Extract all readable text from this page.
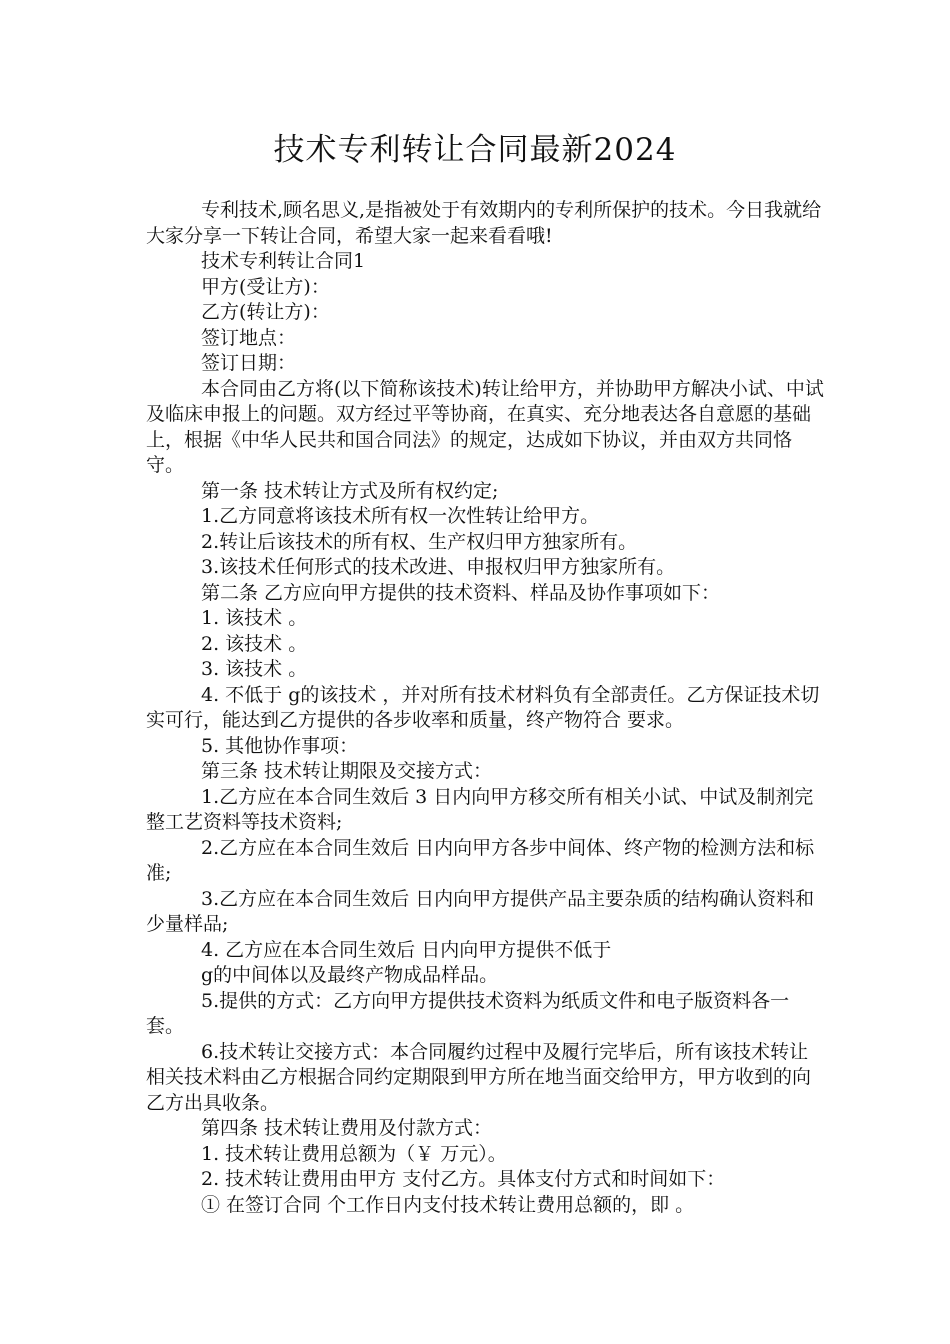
技术专利转让合同最新2024

专利技术,顾名思义,是指被处于有效期内的专利所保护的技术。今日我就给大家分享一下转让合同，希望大家一起来看看哦!

技术专利转让合同1

甲方(受让方)：

乙方(转让方)：

签订地点：

签订日期：

本合同由乙方将(以下简称该技术)转让给甲方，并协助甲方解决小试、中试及临床申报上的问题。双方经过平等协商，在真实、充分地表达各自意愿的基础上，根据《中华人民共和国合同法》的规定，达成如下协议，并由双方共同恪守。

第一条 技术转让方式及所有权约定;

1.乙方同意将该技术所有权一次性转让给甲方。

2.转让后该技术的所有权、生产权归甲方独家所有。

3.该技术任何形式的技术改进、申报权归甲方独家所有。

第二条 乙方应向甲方提供的技术资料、样品及协作事项如下：

1. 该技术 。

2. 该技术 。

3. 该技术 。

4. 不低于 g的该技术 ，并对所有技术材料负有全部责任。乙方保证技术切实可行，能达到乙方提供的各步收率和质量，终产物符合 要求。

5. 其他协作事项：

第三条 技术转让期限及交接方式：

1.乙方应在本合同生效后 3 日内向甲方移交所有相关小试、中试及制剂完整工艺资料等技术资料;

2.乙方应在本合同生效后 日内向甲方各步中间体、终产物的检测方法和标准;

3.乙方应在本合同生效后 日内向甲方提供产品主要杂质的结构确认资料和少量样品;

4. 乙方应在本合同生效后 日内向甲方提供不低于

g的中间体以及最终产物成品样品。

5.提供的方式：乙方向甲方提供技术资料为纸质文件和电子版资料各一套。

6.技术转让交接方式：本合同履约过程中及履行完毕后，所有该技术转让相关技术料由乙方根据合同约定期限到甲方所在地当面交给甲方，甲方收到的向乙方出具收条。

第四条 技术转让费用及付款方式：

1. 技术转让费用总额为（￥ 万元）。

2. 技术转让费用由甲方 支付乙方。具体支付方式和时间如下：

① 在签订合同 个工作日内支付技术转让费用总额的，即 。
